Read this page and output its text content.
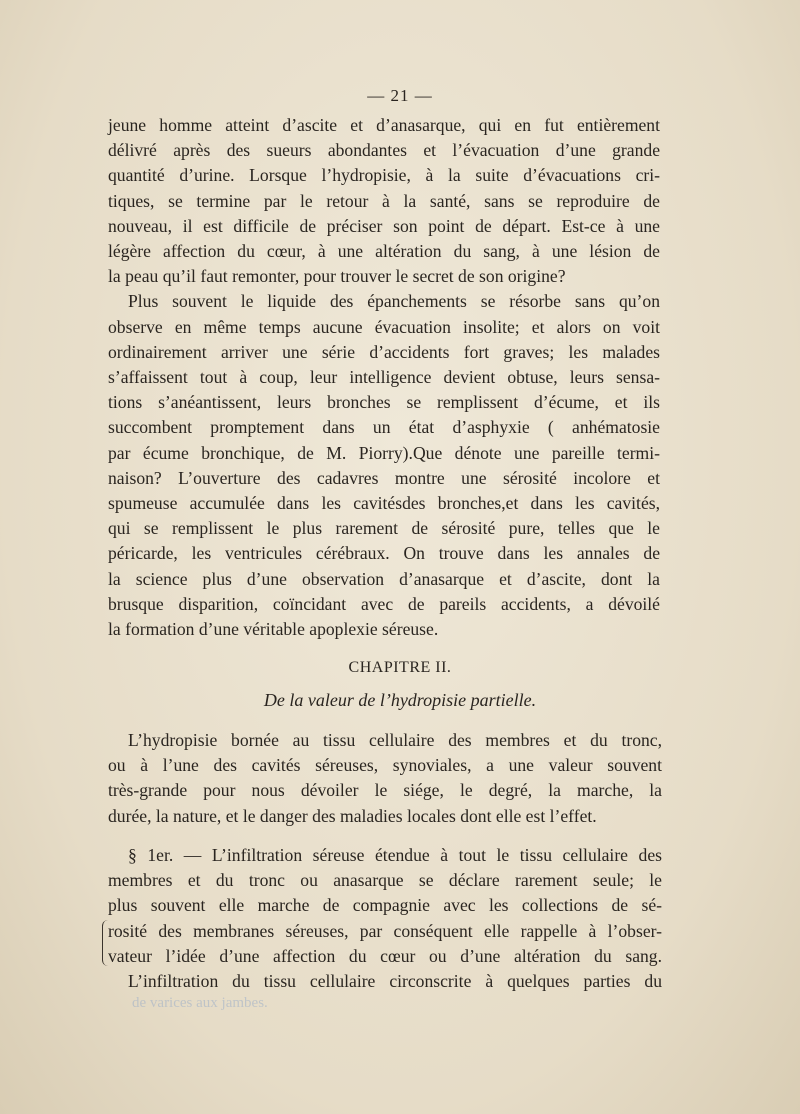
— 21 —
jeune homme atteint d’ascite et d’anasarque, qui en fut entièrement
délivré après des sueurs abondantes et l’évacuation d’une grande
quantité d’urine. Lorsque l’hydropisie, à la suite d’évacuations cri-
tiques, se termine par le retour à la santé, sans se reproduire de
nouveau, il est difficile de préciser son point de départ. Est-ce à une
légère affection du cœur, à une altération du sang, à une lésion de
la peau qu’il faut remonter, pour trouver le secret de son origine?
Plus souvent le liquide des épanchements se résorbe sans qu’on
observe en même temps aucune évacuation insolite; et alors on voit
ordinairement arriver une série d’accidents fort graves; les malades
s’affaissent tout à coup, leur intelligence devient obtuse, leurs sensa-
tions s’anéantissent, leurs bronches se remplissent d’écume, et ils
succombent promptement dans un état d’asphyxie ( anhématosie
par écume bronchique, de M. Piorry).Que dénote une pareille termi-
naison? L’ouverture des cadavres montre une sérosité incolore et
spumeuse accumulée dans les cavitésdes bronches,et dans les cavités,
qui se remplissent le plus rarement de sérosité pure, telles que le
péricarde, les ventricules cérébraux. On trouve dans les annales de
la science plus d’une observation d’anasarque et d’ascite, dont la
brusque disparition, coïncidant avec de pareils accidents, a dévoilé
la formation d’une véritable apoplexie séreuse.
CHAPITRE II.
De la valeur de l’hydropisie partielle.
L’hydropisie bornée au tissu cellulaire des membres et du tronc,
ou à l’une des cavités séreuses, synoviales, a une valeur souvent
très-grande pour nous dévoiler le siége, le degré, la marche, la
durée, la nature, et le danger des maladies locales dont elle est l’effet.
§ 1er. — L’infiltration séreuse étendue à tout le tissu cellulaire des
membres et du tronc ou anasarque se déclare rarement seule; le
plus souvent elle marche de compagnie avec les collections de sé-
rosité des membranes séreuses, par conséquent elle rappelle à l’obser-
vateur l’idée d’une affection du cœur ou d’une altération du sang.
L’infiltration du tissu cellulaire circonscrite à quelques parties du
de varices aux jambes.
